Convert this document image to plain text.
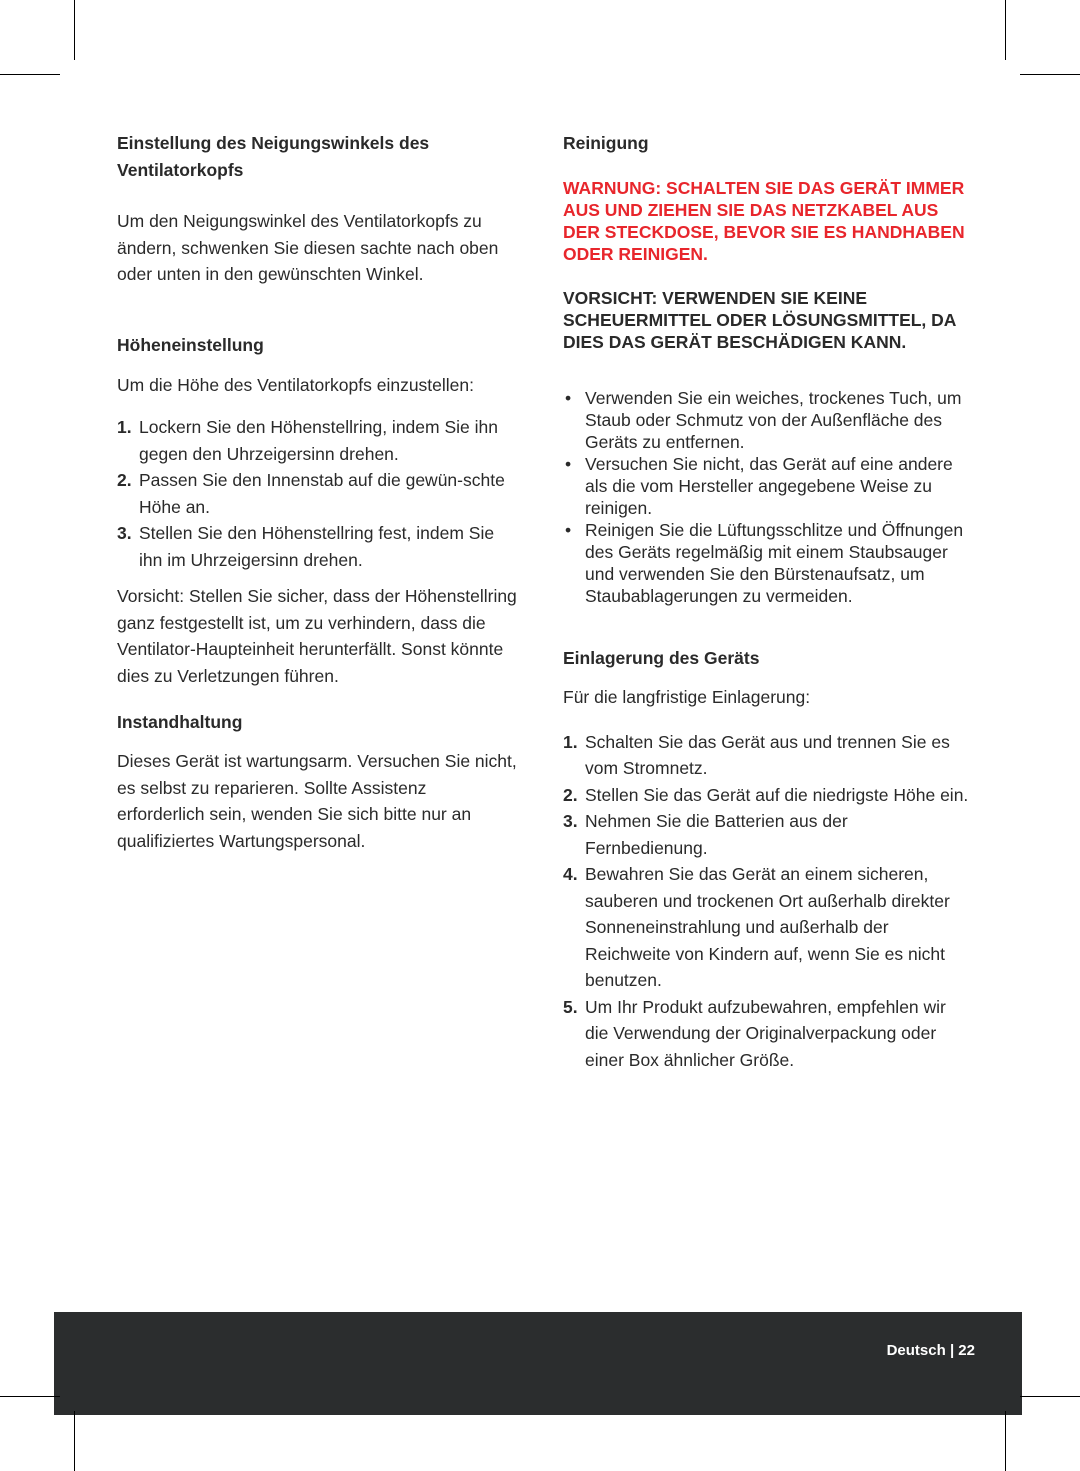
Einstellung des Neigungswinkels des Ventilatorkopfs

Um den Neigungswinkel des Ventilatorkopfs zu ändern, schwenken Sie diesen sachte nach oben oder unten in den gewünschten Winkel.

Höheneinstellung

Um die Höhe des Ventilatorkopfs einzustellen:

1. Lockern Sie den Höhenstellring, indem Sie ihn gegen den Uhrzeigersinn drehen.
2. Passen Sie den Innenstab auf die gewün-schte Höhe an.
3. Stellen Sie den Höhenstellring fest, indem Sie ihn im Uhrzeigersinn drehen.

Vorsicht: Stellen Sie sicher, dass der Höhenstellring ganz festgestellt ist, um zu verhindern, dass die Ventilator-Haupteinheit herunterfällt. Sonst könnte dies zu Verletzungen führen.

Instandhaltung

Dieses Gerät ist wartungsarm. Versuchen Sie nicht, es selbst zu reparieren. Sollte Assistenz erforderlich sein, wenden Sie sich bitte nur an qualifiziertes Wartungspersonal.

Reinigung

WARNUNG: SCHALTEN SIE DAS GERÄT IMMER AUS UND ZIEHEN SIE DAS NETZKABEL AUS DER STECKDOSE, BEVOR SIE ES HANDHABEN ODER REINIGEN.

VORSICHT: VERWENDEN SIE KEINE SCHEUERMITTEL ODER LÖSUNGSMITTEL, DA DIES DAS GERÄT BESCHÄDIGEN KANN.

• Verwenden Sie ein weiches, trockenes Tuch, um Staub oder Schmutz von der Außenfläche des Geräts zu entfernen.
• Versuchen Sie nicht, das Gerät auf eine andere als die vom Hersteller angegebene Weise zu reinigen.
• Reinigen Sie die Lüftungsschlitze und Öffnungen des Geräts regelmäßig mit einem Staubsauger und verwenden Sie den Bürstenaufsatz, um Staubablagerungen zu vermeiden.
Einlagerung des Geräts

Für die langfristige Einlagerung:

1. Schalten Sie das Gerät aus und trennen Sie es vom Stromnetz.
2. Stellen Sie das Gerät auf die niedrigste Höhe ein.
3. Nehmen Sie die Batterien aus der Fernbedienung.
4. Bewahren Sie das Gerät an einem sicheren, sauberen und trockenen Ort außerhalb direkter Sonneneinstrahlung und außerhalb der Reichweite von Kindern auf, wenn Sie es nicht benutzen.
5. Um Ihr Produkt aufzubewahren, empfehlen wir die Verwendung der Originalverpackung oder einer Box ähnlicher Größe.
Deutsch | 22
